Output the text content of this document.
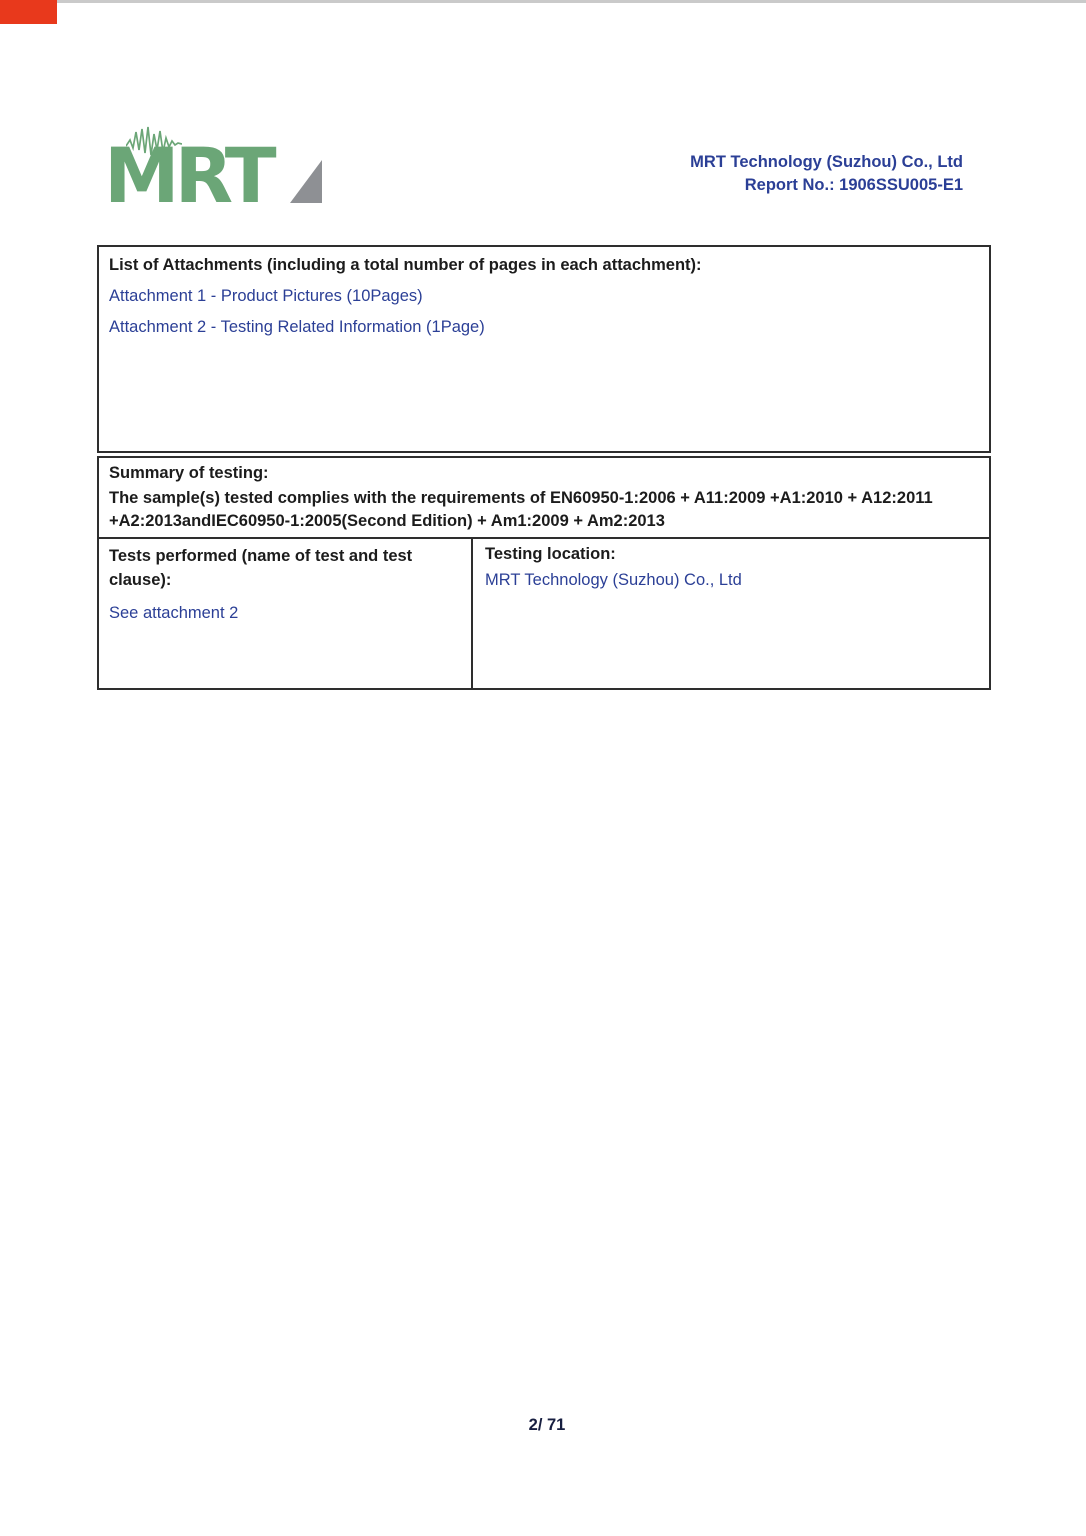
MRT	MRT Technology (Suzhou) Co., Ltd
Report No.: 1906SSU005-E1
List of Attachments (including a total number of pages in each attachment):
Attachment 1 - Product Pictures (10Pages)
Attachment 2 - Testing Related Information (1Page)
Summary of testing:
The sample(s) tested complies with the requirements of EN60950-1:2006 + A11:2009 +A1:2010 + A12:2011 +A2:2013andIEC60950-1:2005(Second Edition) + Am1:2009 + Am2:2013
Tests performed (name of test and test clause):
See attachment 2
Testing location:
MRT Technology (Suzhou) Co., Ltd
2/ 71
